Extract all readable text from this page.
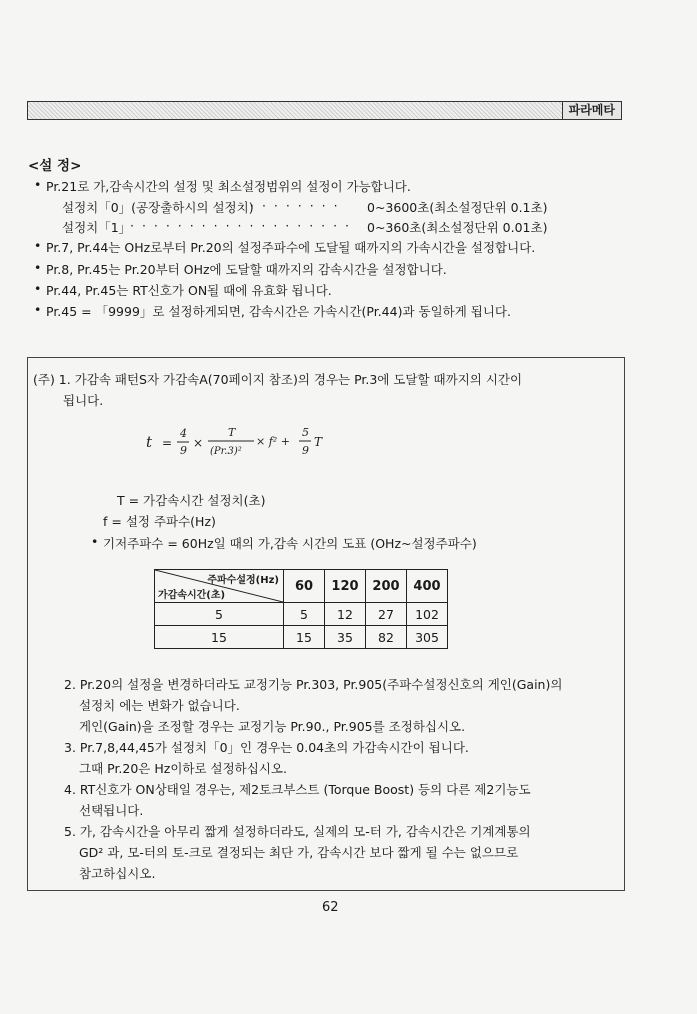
파라메타
<설 정>
• Pr.21로 가,감속시간의 설정 및 최소설정범위의 설정이 가능합니다.
설정치「0」(공장출하시의 설정치)
· · · · · · · · 0~3600초(최소설정단위 0.1초)
설정치「1」
· · · · · · · · · · · · · · · · · · · 0~360초(최소설정단위 0.01초)
• Pr.7, Pr.44는 OHz로부터 Pr.20의 설정주파수에 도달될 때까지의 가속시간을 설정합니다.
• Pr.8, Pr.45는 Pr.20부터 OHz에 도달할 때까지의 감속시간을 설정합니다.
• Pr.44, Pr.45는 RT신호가 ON될 때에 유효화 됩니다.
• Pr.45 = 「9999」로 설정하게되면, 감속시간은 가속시간(Pr.44)과 동일하게 됩니다.
(주) 1. 가감속 패턴S자 가감속A(70페이지 참조)의 경우는 Pr.3에 도달할 때까지의 시간이
됩니다.
t =
4
9
×
T
(Pr.3)²
× f² +
5
9
T
T = 가감속시간 설정치(초)
f = 설정 주파수(Hz)
• 기저주파수 = 60Hz일 때의 가,감속 시간의 도표 (OHz~설정주파수)
주파수설정(Hz)
가감속시간(초)	60	120	200	400
5	5	12	27	102
15	15	35	82	305
2. Pr.20의 설정을 변경하더라도 교정기능 Pr.303, Pr.905(주파수설정신호의 게인(Gain)의
설정치 에는 변화가 없습니다.
게인(Gain)을 조정할 경우는 교정기능 Pr.90., Pr.905를 조정하십시오.
3. Pr.7,8,44,45가 설정치「0」인 경우는 0.04초의 가감속시간이 됩니다.
그때 Pr.20은 Hz이하로 설정하십시오.
4. RT신호가 ON상태일 경우는, 제2토크부스트 (Torque Boost) 등의 다른 제2기능도
선택됩니다.
5. 가, 감속시간을 아무리 짧게 설정하더라도, 실제의 모-터 가, 감속시간은 기계계통의
GD² 과, 모-터의 토-크로 결정되는 최단 가, 감속시간 보다 짧게 될 수는 없으므로
참고하십시오.
62
